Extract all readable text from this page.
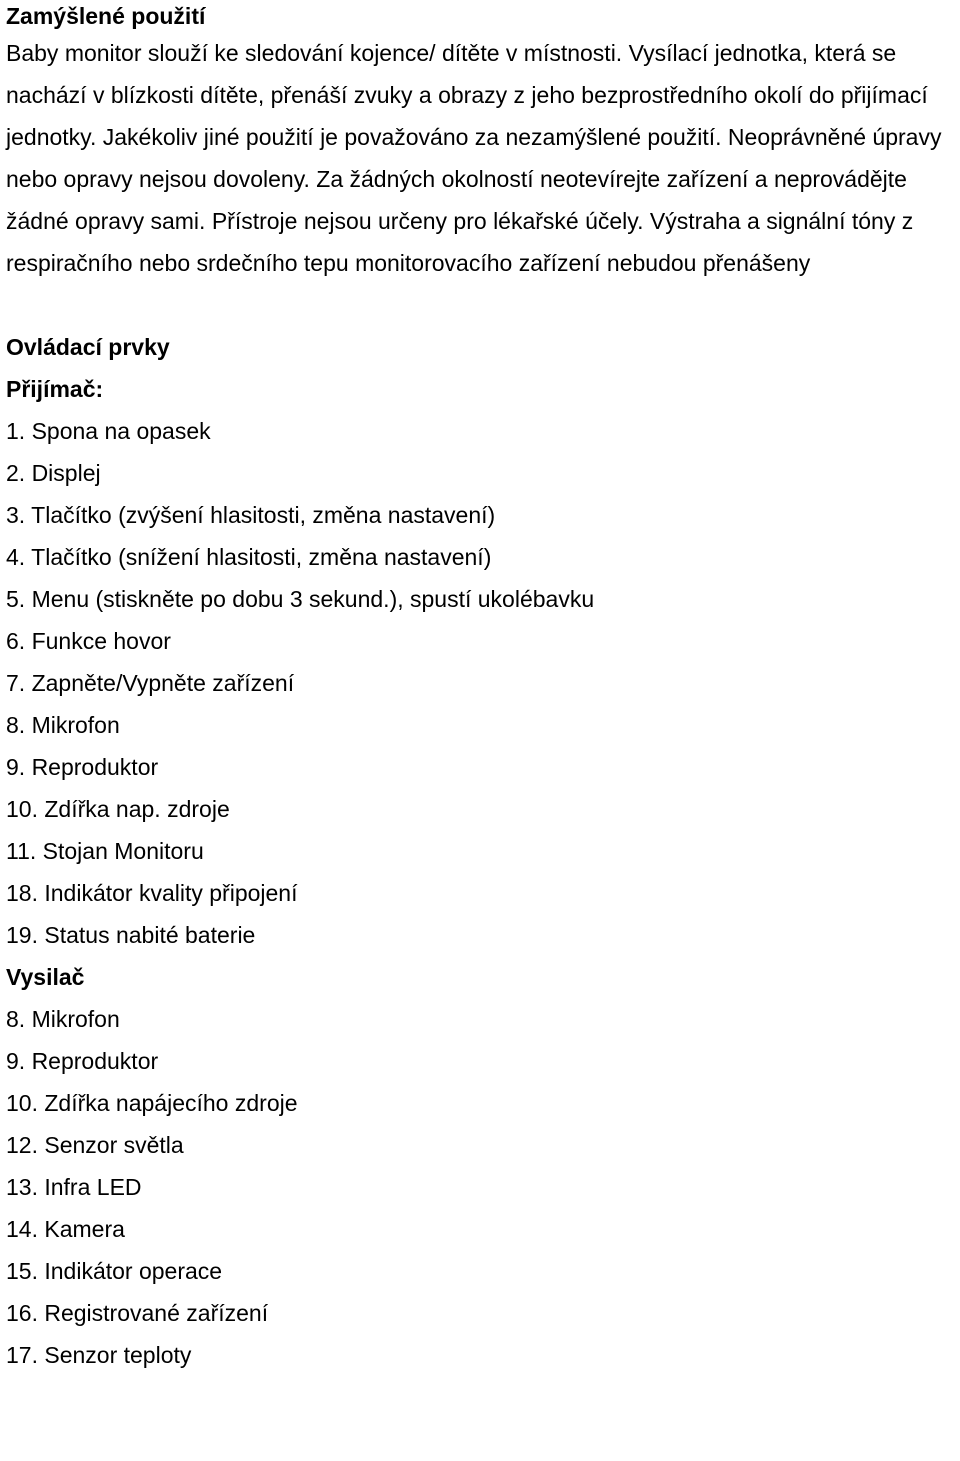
Zamýšlené použití

Baby monitor slouží ke sledování kojence/ dítěte v místnosti. Vysílací jednotka, která se nachází v blízkosti dítěte, přenáší zvuky a obrazy z jeho bezprostředního okolí do přijímací jednotky. Jakékoliv jiné použití je považováno za nezamýšlené použití. Neoprávněné úpravy nebo opravy nejsou dovoleny. Za žádných okolností neotevírejte zařízení a neprovádějte žádné opravy sami. Přístroje nejsou určeny pro lékařské účely. Výstraha a signální tóny z respiračního nebo srdečního tepu monitorovacího zařízení nebudou přenášeny

Ovládací prvky
Přijímač:
1. Spona na opasek
2. Displej
3. Tlačítko (zvýšení hlasitosti, změna nastavení)
4. Tlačítko (snížení hlasitosti, změna nastavení)
5. Menu (stiskněte po dobu 3 sekund.), spustí ukolébavku
6. Funkce hovor
7. Zapněte/Vypněte zařízení
8. Mikrofon
9. Reproduktor
10. Zdířka nap. zdroje
11. Stojan Monitoru
18. Indikátor kvality připojení
19. Status nabité baterie
Vysilač
8. Mikrofon
9. Reproduktor
10. Zdířka napájecího zdroje
12. Senzor světla
13. Infra LED
14. Kamera
15. Indikátor operace
16. Registrované zařízení
17. Senzor teploty
